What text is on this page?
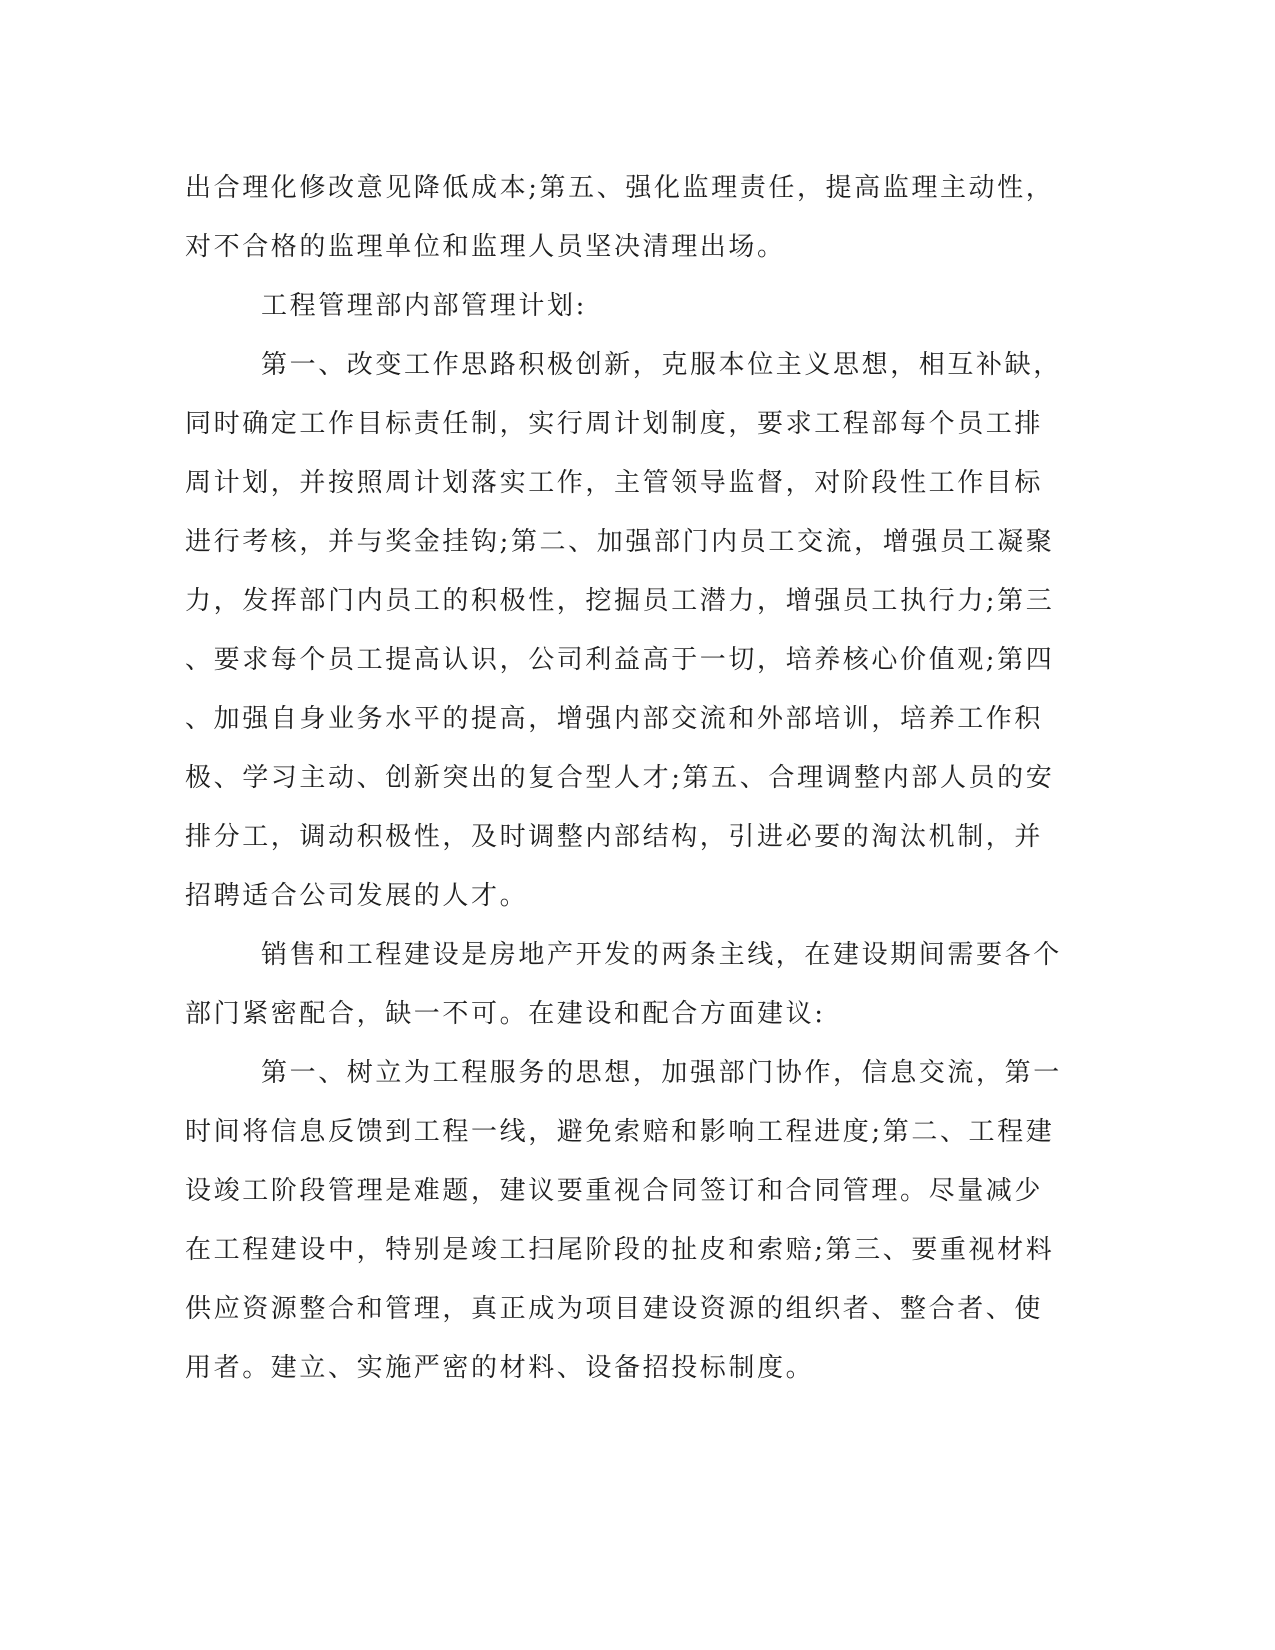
出合理化修改意见降低成本;第五、强化监理责任，提高监理主动性，
对不合格的监理单位和监理人员坚决清理出场。
工程管理部内部管理计划:
第一、改变工作思路积极创新，克服本位主义思想，相互补缺，
同时确定工作目标责任制，实行周计划制度，要求工程部每个员工排
周计划，并按照周计划落实工作，主管领导监督，对阶段性工作目标
进行考核，并与奖金挂钩;第二、加强部门内员工交流，增强员工凝聚
力，发挥部门内员工的积极性，挖掘员工潜力，增强员工执行力;第三
、要求每个员工提高认识，公司利益高于一切，培养核心价值观;第四
、加强自身业务水平的提高，增强内部交流和外部培训，培养工作积
极、学习主动、创新突出的复合型人才;第五、合理调整内部人员的安
排分工，调动积极性，及时调整内部结构，引进必要的淘汰机制，并
招聘适合公司发展的人才。
销售和工程建设是房地产开发的两条主线，在建设期间需要各个
部门紧密配合，缺一不可。在建设和配合方面建议:
第一、树立为工程服务的思想，加强部门协作，信息交流，第一
时间将信息反馈到工程一线，避免索赔和影响工程进度;第二、工程建
设竣工阶段管理是难题，建议要重视合同签订和合同管理。尽量减少
在工程建设中，特别是竣工扫尾阶段的扯皮和索赔;第三、要重视材料
供应资源整合和管理，真正成为项目建设资源的组织者、整合者、使
用者。建立、实施严密的材料、设备招投标制度。
